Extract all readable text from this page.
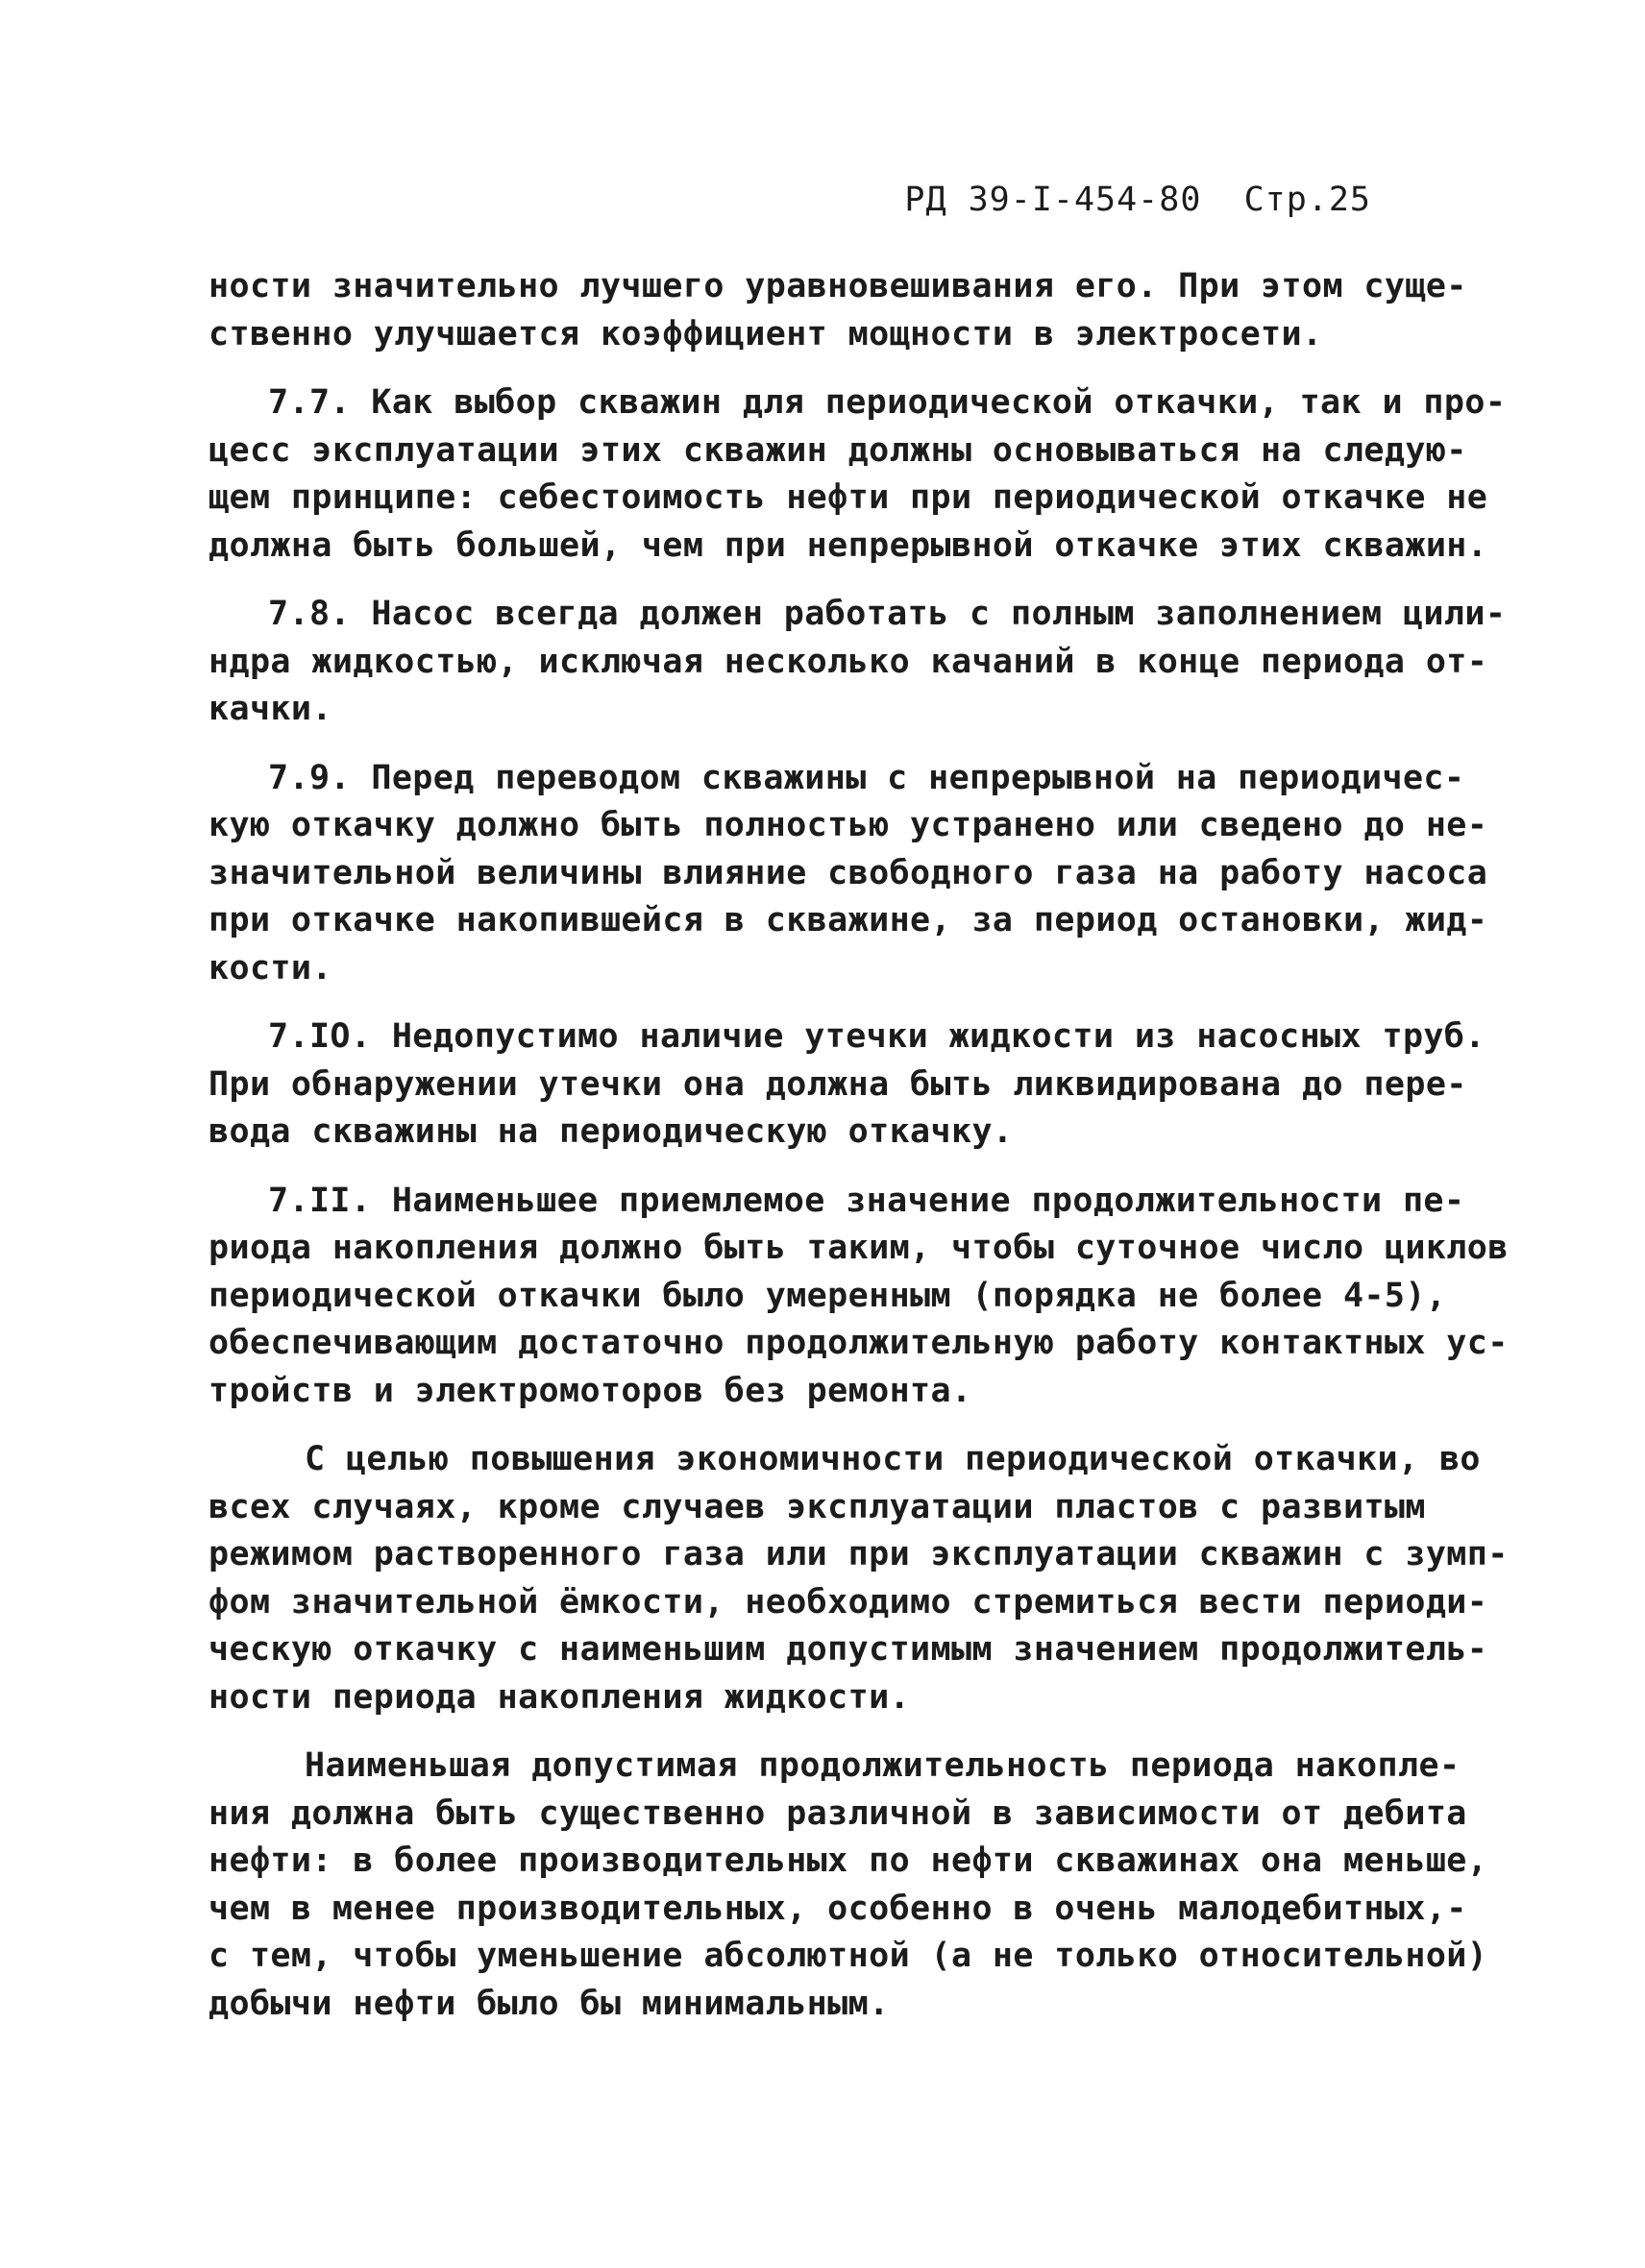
РД 39-I-454-80 Стр.25

ности значительно лучшего уравновешивания его. При этом суще-
ственно улучшается коэффициент мощности в электросети.

7.7. Как выбор скважин для периодической откачки, так и про-
цесс эксплуатации этих скважин должны основываться на следую-
щем принципе: себестоимость нефти при периодической откачке не
должна быть большей, чем при непрерывной откачке этих скважин.

7.8. Насос всегда должен работать с полным заполнением цили-
ндра жидкостью, исключая несколько качаний в конце периода от-
качки.

7.9. Перед переводом скважины с непрерывной на периодичес-
кую откачку должно быть полностью устранено или сведено до не-
значительной величины влияние свободного газа на работу насоса
при откачке накопившейся в скважине, за период остановки, жид-
кости.

7.IO. Недопустимо наличие утечки жидкости из насосных труб.
При обнаружении утечки она должна быть ликвидирована до пере-
вода скважины на периодическую откачку.

7.II. Наименьшее приемлемое значение продолжительности пе-
риода накопления должно быть таким, чтобы суточное число циклов
периодической откачки было умеренным (порядка не более 4-5),
обеспечивающим достаточно продолжительную работу контактных ус-
тройств и электромоторов без ремонта.

С целью повышения экономичности периодической откачки, во
всех случаях, кроме случаев эксплуатации пластов с развитым
режимом растворенного газа или при эксплуатации скважин с зумп-
фом значительной ёмкости, необходимо стремиться вести периоди-
ческую откачку с наименьшим допустимым значением продолжитель-
ности периода накопления жидкости.

Наименьшая допустимая продолжительность периода накопле-
ния должна быть существенно различной в зависимости от дебита
нефти: в более производительных по нефти скважинах она меньше,
чем в менее производительных, особенно в очень малодебитных,-
с тем, чтобы уменьшение абсолютной (а не только относительной)
добычи нефти было бы минимальным.
